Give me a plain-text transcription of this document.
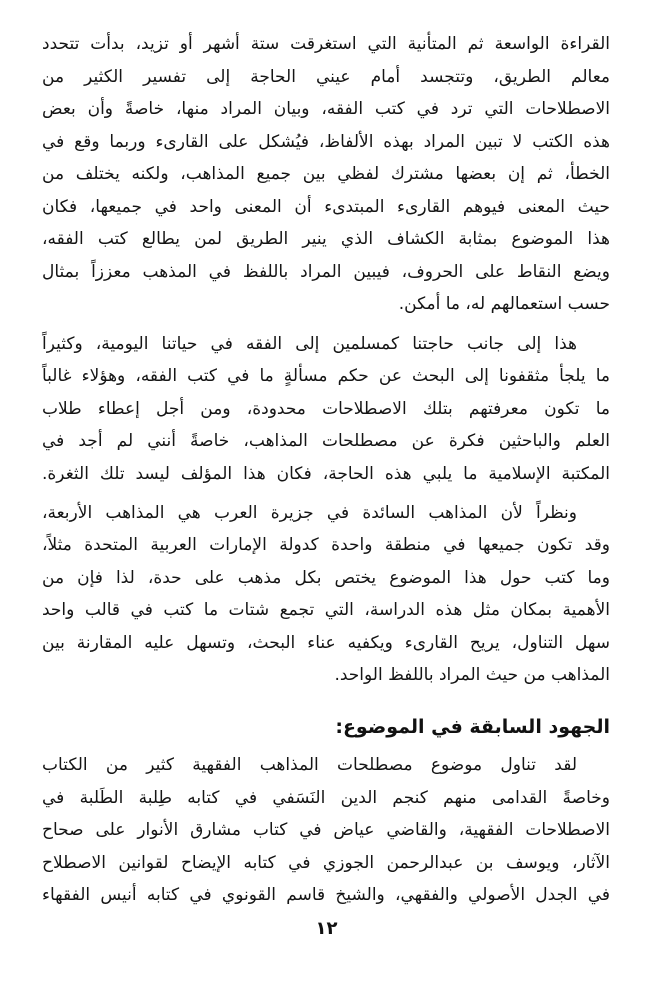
القراءة الواسعة ثم المتأنية التي استغرقت ستة أشهر أو تزيد، بدأت تتحدد
معالم الطريق، وتتجسد أمام عيني الحاجة إلى تفسير الكثير من
الاصطلاحات التي ترد في كتب الفقه، وبيان المراد منها، خاصةً وأن بعض
هذه الكتب لا تبين المراد بهذه الألفاظ، فيُشكل على القارىء وربما وقع في
الخطأ، ثم إن بعضها مشترك لفظي بين جميع المذاهب، ولكنه يختلف من
حيث المعنى فيوهم القارىء المبتدىء أن المعنى واحد في جميعها، فكان
هذا الموضوع بمثابة الكشاف الذي ينير الطريق لمن يطالع كتب الفقه،
ويضع النقاط على الحروف، فيبين المراد باللفظ في المذهب معززاً بمثال
حسب استعمالهم له، ما أمكن.
هذا إلى جانب حاجتنا كمسلمين إلى الفقه في حياتنا اليومية، وكثيراً
ما يلجأ مثقفونا إلى البحث عن حكم مسألةٍ ما في كتب الفقه، وهؤلاء غالباً
ما تكون معرفتهم بتلك الاصطلاحات محدودة، ومن أجل إعطاء طلاب
العلم والباحثين فكرة عن مصطلحات المذاهب، خاصةً أنني لم أجد في
المكتبة الإسلامية ما يلبي هذه الحاجة، فكان هذا المؤلف ليسد تلك الثغرة.
ونظراً لأن المذاهب السائدة في جزيرة العرب هي المذاهب الأربعة،
وقد تكون جميعها في منطقة واحدة كدولة الإمارات العربية المتحدة مثلاً،
وما كتب حول هذا الموضوع يختص بكل مذهب على حدة، لذا فإن من
الأهمية بمكان مثل هذه الدراسة، التي تجمع شتات ما كتب في قالب واحد
سهل التناول، يريح القارىء ويكفيه عناء البحث، وتسهل عليه المقارنة بين
المذاهب من حيث المراد باللفظ الواحد.
الجهود السابقة في الموضوع:
لقد تناول موضوع مصطلحات المذاهب الفقهية كثير من الكتاب
وخاصةً القدامى منهم كنجم الدين النَسَفي في كتابه طِلبة الطَلبة في
الاصطلاحات الفقهية، والقاضي عياض في كتاب مشارق الأنوار على صحاح
الآثار، ويوسف بن عبدالرحمن الجوزي في كتابه الإيضاح لقوانين الاصطلاح
في الجدل الأصولي والفقهي، والشيخ قاسم القونوي في كتابه أنيس الفقهاء
١٢
